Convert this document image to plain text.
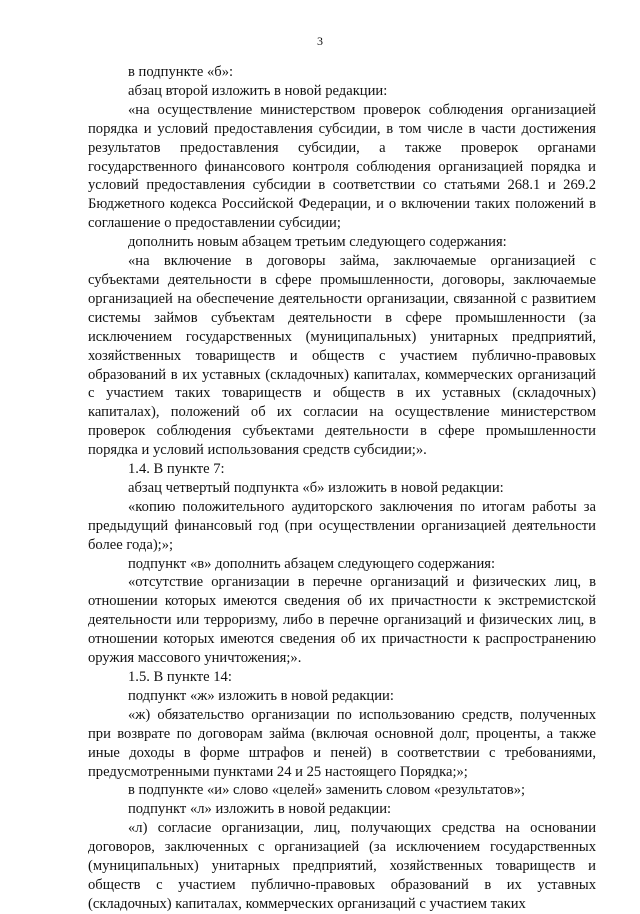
3

в подпункте «б»:

абзац второй изложить в новой редакции:

«на осуществление министерством проверок соблюдения организацией порядка и условий предоставления субсидии, в том числе в части достижения результатов предоставления субсидии, а также проверок органами государственного финансового контроля соблюдения организацией порядка и условий предоставления субсидии в соответствии со статьями 268.1 и 269.2 Бюджетного кодекса Российской Федерации, и о включении таких положений в соглашение о предоставлении субсидии;

дополнить новым абзацем третьим следующего содержания:

«на включение в договоры займа, заключаемые организацией с субъектами деятельности в сфере промышленности, договоры, заключаемые организацией на обеспечение деятельности организации, связанной с развитием системы займов субъектам деятельности в сфере промышленности (за исключением государственных (муниципальных) унитарных предприятий, хозяйственных товариществ и обществ с участием публично-правовых образований в их уставных (складочных) капиталах, коммерческих организаций с участием таких товариществ и обществ в их уставных (складочных) капиталах), положений об их согласии на осуществление министерством проверок соблюдения субъектами деятельности в сфере промышленности порядка и условий использования средств субсидии;».

1.4. В пункте 7:

абзац четвертый подпункта «б» изложить в новой редакции:

«копию положительного аудиторского заключения по итогам работы за предыдущий финансовый год (при осуществлении организацией деятельности более года);»;

подпункт «в» дополнить абзацем следующего содержания:

«отсутствие организации в перечне организаций и физических лиц, в отношении которых имеются сведения об их причастности к экстремистской деятельности или терроризму, либо в перечне организаций и физических лиц, в отношении которых имеются сведения об их причастности к распространению оружия массового уничтожения;».

1.5. В пункте 14:

подпункт «ж» изложить в новой редакции:

«ж) обязательство организации по использованию средств, полученных при возврате по договорам займа (включая основной долг, проценты, а также иные доходы в форме штрафов и пеней) в соответствии с требованиями, предусмотренными пунктами 24 и 25 настоящего Порядка;»;

в подпункте «и» слово «целей» заменить словом «результатов»;

подпункт «л» изложить в новой редакции:

«л) согласие организации, лиц, получающих средства на основании договоров, заключенных с организацией (за исключением государственных (муниципальных) унитарных предприятий, хозяйственных товариществ и обществ с участием публично-правовых образований в их уставных (складочных) капиталах, коммерческих организаций с участием таких
